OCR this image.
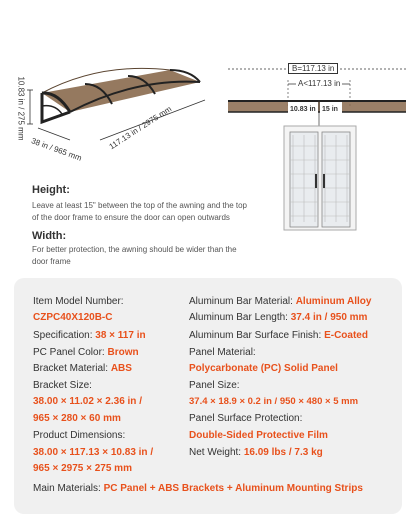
10.83 in / 275 mm
38 in / 965 mm	117.13 in / 2975 mm
B=117.13 in
A<117.13 in
10.83 in 15 in
Height:
Leave at least 15" between the top of the awning and the top
of the door frame to ensure the door can open outwards
Width:
For better protection, the awning should be wider than the
door frame
Item Model Number:
CZPC40X120B-C
Specification: 38 × 117 in
PC Panel Color: Brown
Bracket Material: ABS
Bracket Size:
38.00 × 11.02 × 2.36 in /
965 × 280 × 60 mm
Product Dimensions:
38.00 × 117.13 × 10.83 in /
965 × 2975 × 275 mm
Aluminum Bar Material: Aluminum Alloy
Aluminum Bar Length: 37.4 in / 950 mm
Aluminum Bar Surface Finish: E-Coated
Panel Material:
Polycarbonate (PC) Solid Panel
Panel Size:
37.4 × 18.9 × 0.2 in / 950 × 480 × 5 mm
Panel Surface Protection:
Double-Sided Protective Film
Net Weight: 16.09 lbs / 7.3 kg
Main Materials: PC Panel + ABS Brackets + Aluminum Mounting Strips
